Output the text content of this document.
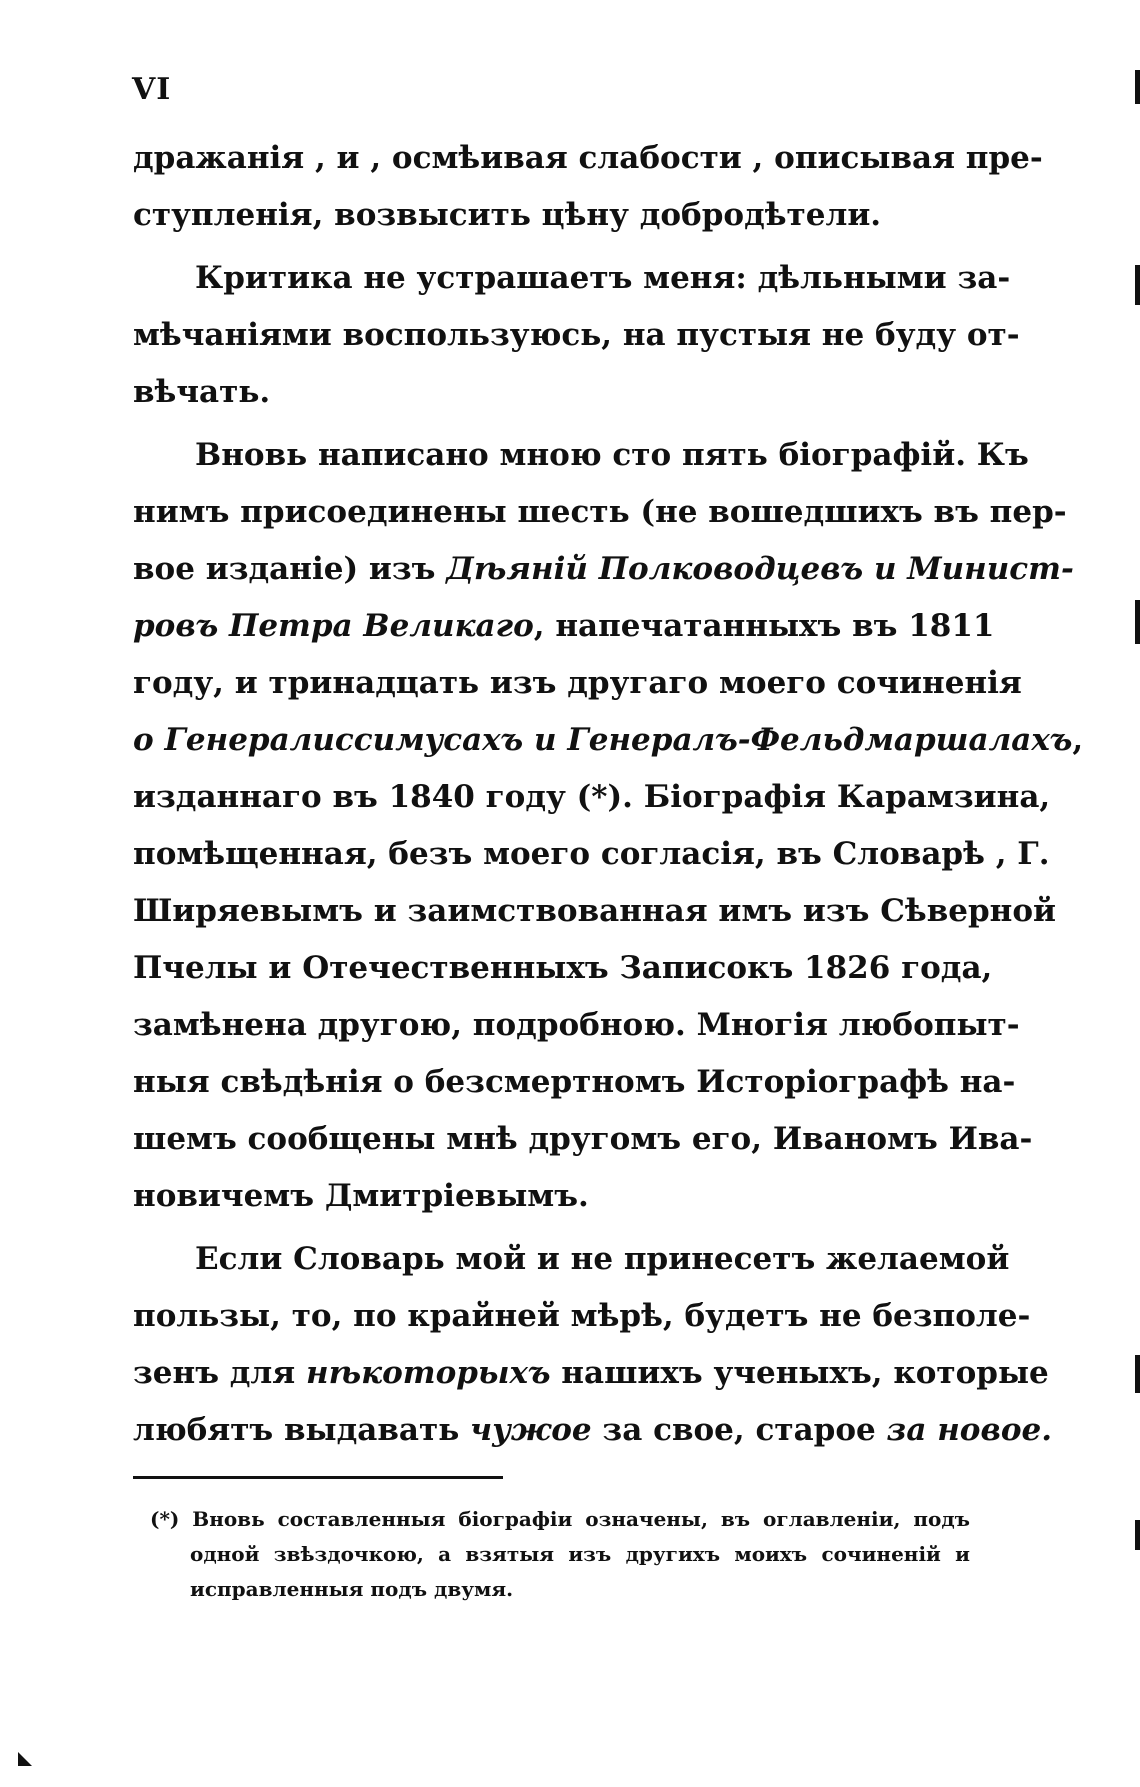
VI
дражанія , и , осмѣивая слабости , описывая пре-
ступленія, возвысить цѣну добродѣтели.
Критика не устрашаетъ меня: дѣльными за-
мѣчаніями воспользуюсь, на пустыя не буду от-
вѣчать.
Вновь написано мною сто пять біографій. Къ
нимъ присоединены шесть (не вошедшихъ въ пер-
вое изданіе) изъ Дѣяній Полководцевъ и Минист-
ровъ Петра Великаго, напечатанныхъ въ 1811
году, и тринадцать изъ другаго моего сочиненія
о Генералиссимусахъ и Генералъ-Фельдмаршалахъ,
изданнаго въ 1840 году (*). Біографія Карамзина,
помѣщенная, безъ моего согласія, въ Словарѣ , Г.
Ширяевымъ и заимствованная имъ изъ Сѣверной
Пчелы и Отечественныхъ Записокъ 1826 года,
замѣнена другою, подробною. Многія любопыт-
ныя свѣдѣнія о безсмертномъ Исторіографѣ на-
шемъ сообщены мнѣ другомъ его, Иваномъ Ива-
новичемъ Дмитріевымъ.
Если Словарь мой и не принесетъ желаемой
пользы, то, по крайней мѣрѣ, будетъ не безполе-
зенъ для нѣкоторыхъ нашихъ ученыхъ, которые
любятъ выдавать чужое за свое, старое за новое.
(*) Вновь составленныя біографіи означены, въ оглавленіи, подъ
одной звѣздочкою, а взятыя изъ другихъ моихъ сочиненій и
исправленныя подъ двумя.
